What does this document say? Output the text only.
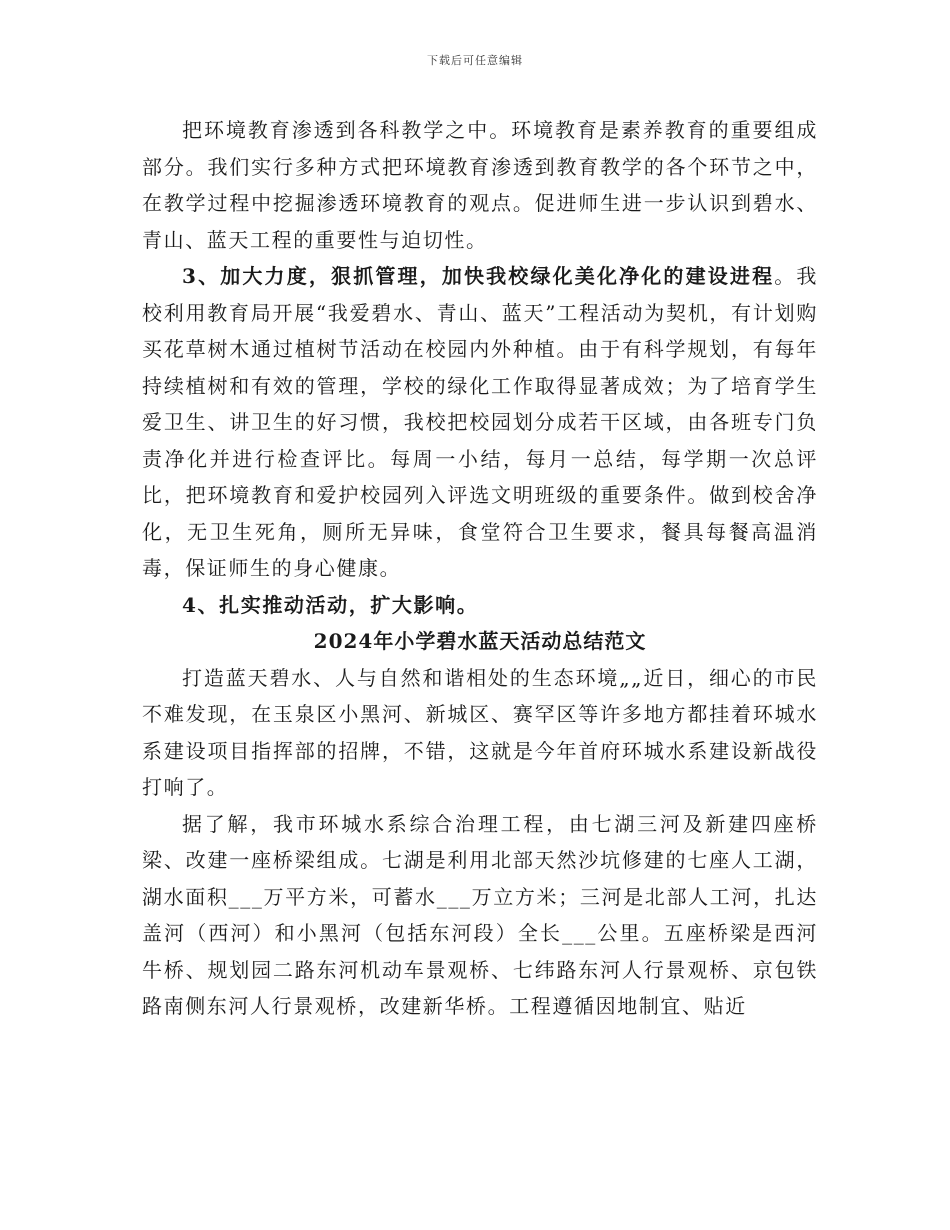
下载后可任意编辑

把环境教育渗透到各科教学之中。环境教育是素养教育的重要组成部分。我们实行多种方式把环境教育渗透到教育教学的各个环节之中，在教学过程中挖掘渗透环境教育的观点。促进师生进一步认识到碧水、青山、蓝天工程的重要性与迫切性。

3、加大力度，狠抓管理，加快我校绿化美化净化的建设进程。我校利用教育局开展“我爱碧水、青山、蓝天”工程活动为契机，有计划购买花草树木通过植树节活动在校园内外种植。由于有科学规划，有每年持续植树和有效的管理，学校的绿化工作取得显著成效；为了培育学生爱卫生、讲卫生的好习惯，我校把校园划分成若干区域，由各班专门负责净化并进行检查评比。每周一小结，每月一总结，每学期一次总评比，把环境教育和爱护校园列入评选文明班级的重要条件。做到校舍净化，无卫生死角，厕所无异味，食堂符合卫生要求，餐具每餐高温消毒，保证师生的身心健康。

4、扎实推动活动，扩大影响。

2024年小学碧水蓝天活动总结范文

打造蓝天碧水、人与自然和谐相处的生态环境„„近日，细心的市民不难发现，在玉泉区小黑河、新城区、赛罕区等许多地方都挂着环城水系建设项目指挥部的招牌，不错，这就是今年首府环城水系建设新战役打响了。

据了解，我市环城水系综合治理工程，由七湖三河及新建四座桥梁、改建一座桥梁组成。七湖是利用北部天然沙坑修建的七座人工湖，湖水面积___万平方米，可蓄水___万立方米；三河是北部人工河，扎达盖河（西河）和小黑河（包括东河段）全长___公里。五座桥梁是西河牛桥、规划园二路东河机动车景观桥、七纬路东河人行景观桥、京包铁路南侧东河人行景观桥，改建新华桥。工程遵循因地制宜、贴近
